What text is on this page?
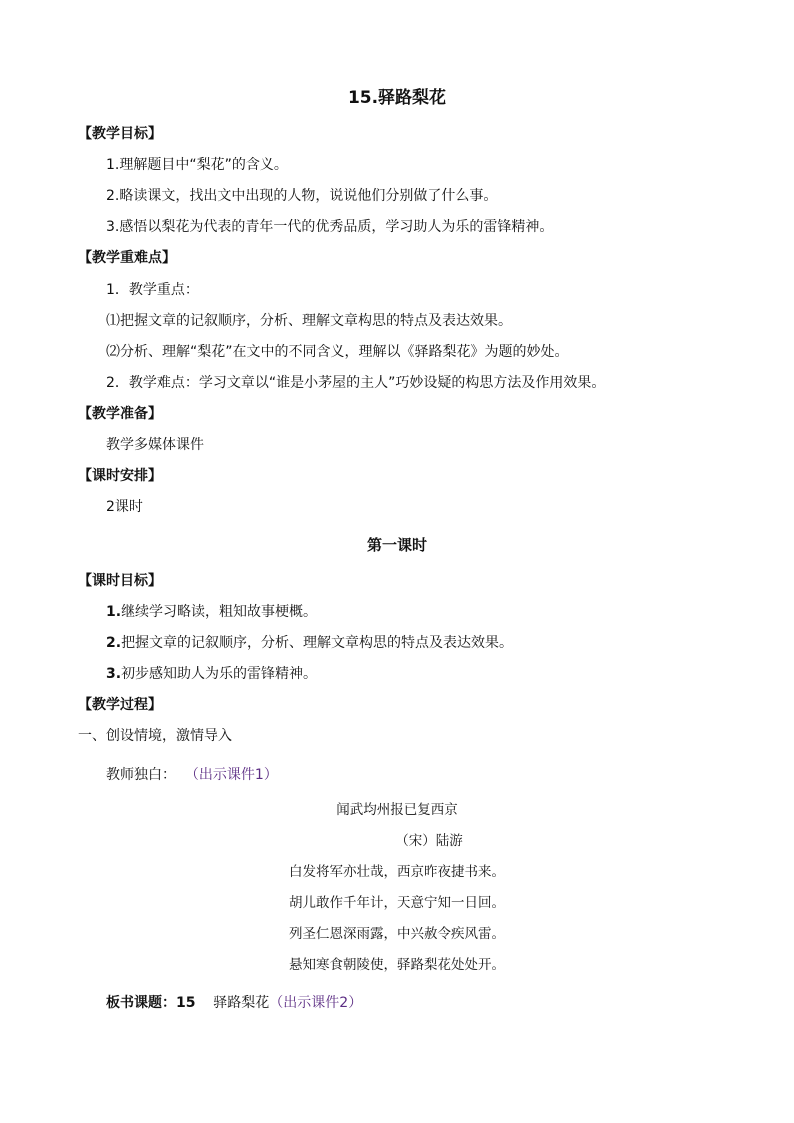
15.驿路梨花
【教学目标】
1.理解题目中“梨花”的含义。
2.略读课文，找出文中出现的人物，说说他们分别做了什么事。
3.感悟以梨花为代表的青年一代的优秀品质，学习助人为乐的雷锋精神。
【教学重难点】
1．教学重点：
⑴把握文章的记叙顺序，分析、理解文章构思的特点及表达效果。
⑵分析、理解“梨花”在文中的不同含义，理解以《驿路梨花》为题的妙处。
2．教学难点：学习文章以“谁是小茅屋的主人”巧妙设疑的构思方法及作用效果。
【教学准备】
教学多媒体课件
【课时安排】
2课时
第一课时
【课时目标】
1.继续学习略读，粗知故事梗概。
2.把握文章的记叙顺序，分析、理解文章构思的特点及表达效果。
3.初步感知助人为乐的雷锋精神。
【教学过程】
一、创设情境，激情导入
教师独白： （出示课件1）
闻武均州报已复西京
（宋）陆游
白发将军亦壮哉，西京昨夜捷书来。
胡儿敢作千年计，天意宁知一日回。
列圣仁恩深雨露，中兴赦令疾风雷。
悬知寒食朝陵使，驿路梨花处处开。
板书课题：15 驿路梨花（出示课件2）
